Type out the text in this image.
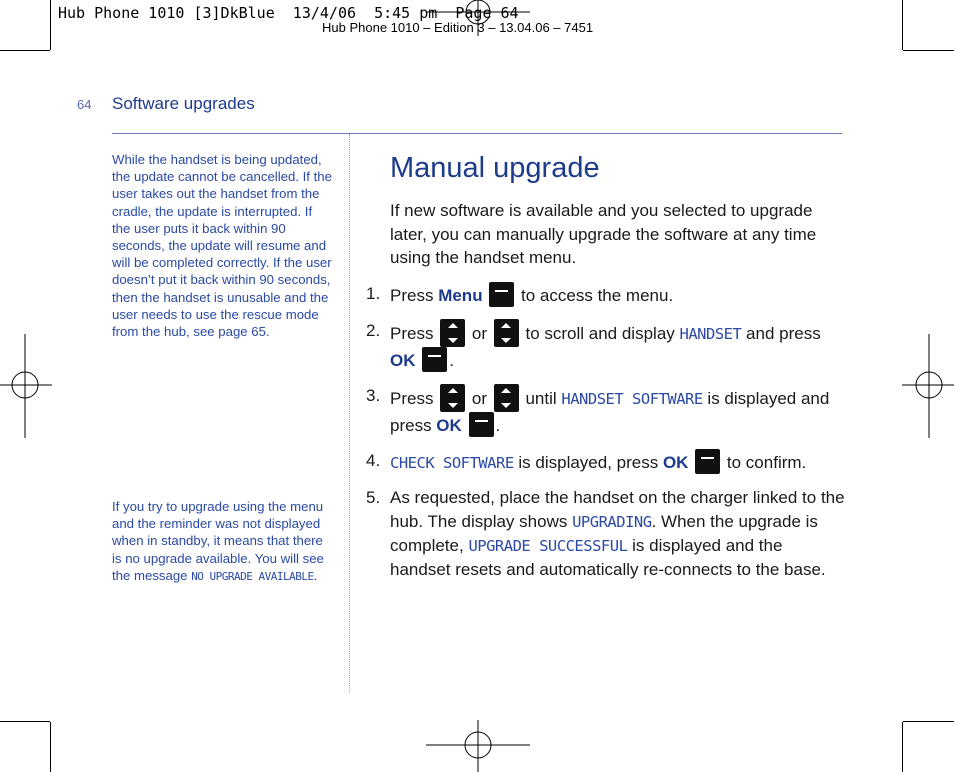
Hub Phone 1010 – Edition 3 – 13.04.06 – 7451
Hub Phone 1010 [3]DkBlue  13/4/06  5:45 pm  Page 64
64 Software upgrades
While the handset is being updated, the update cannot be cancelled. If the user takes out the handset from the cradle, the update is interrupted. If the user puts it back within 90 seconds, the update will resume and will be completed correctly. If the user doesn’t put it back within 90 seconds, then the handset is unusable and the user needs to use the rescue mode from the hub, see page 65.
If you try to upgrade using the menu and the reminder was not displayed when in standby, it means that there is no upgrade available. You will see the message NO UPGRADE AVAILABLE.
Manual upgrade
If new software is available and you selected to upgrade later, you can manually upgrade the software at any time using the handset menu.
1. Press Menu  to access the menu.
2. Press
or
to scroll and display HANDSET and press OK .
3. Press
or
until HANDSET SOFTWARE is displayed and press OK .
4. CHECK SOFTWARE is displayed, press OK  to confirm.
5. As requested, place the handset on the charger linked to the hub. The display shows UPGRADING. When the upgrade is complete, UPGRADE SUCCESSFUL is displayed and the handset resets and automatically re-connects to the base.
